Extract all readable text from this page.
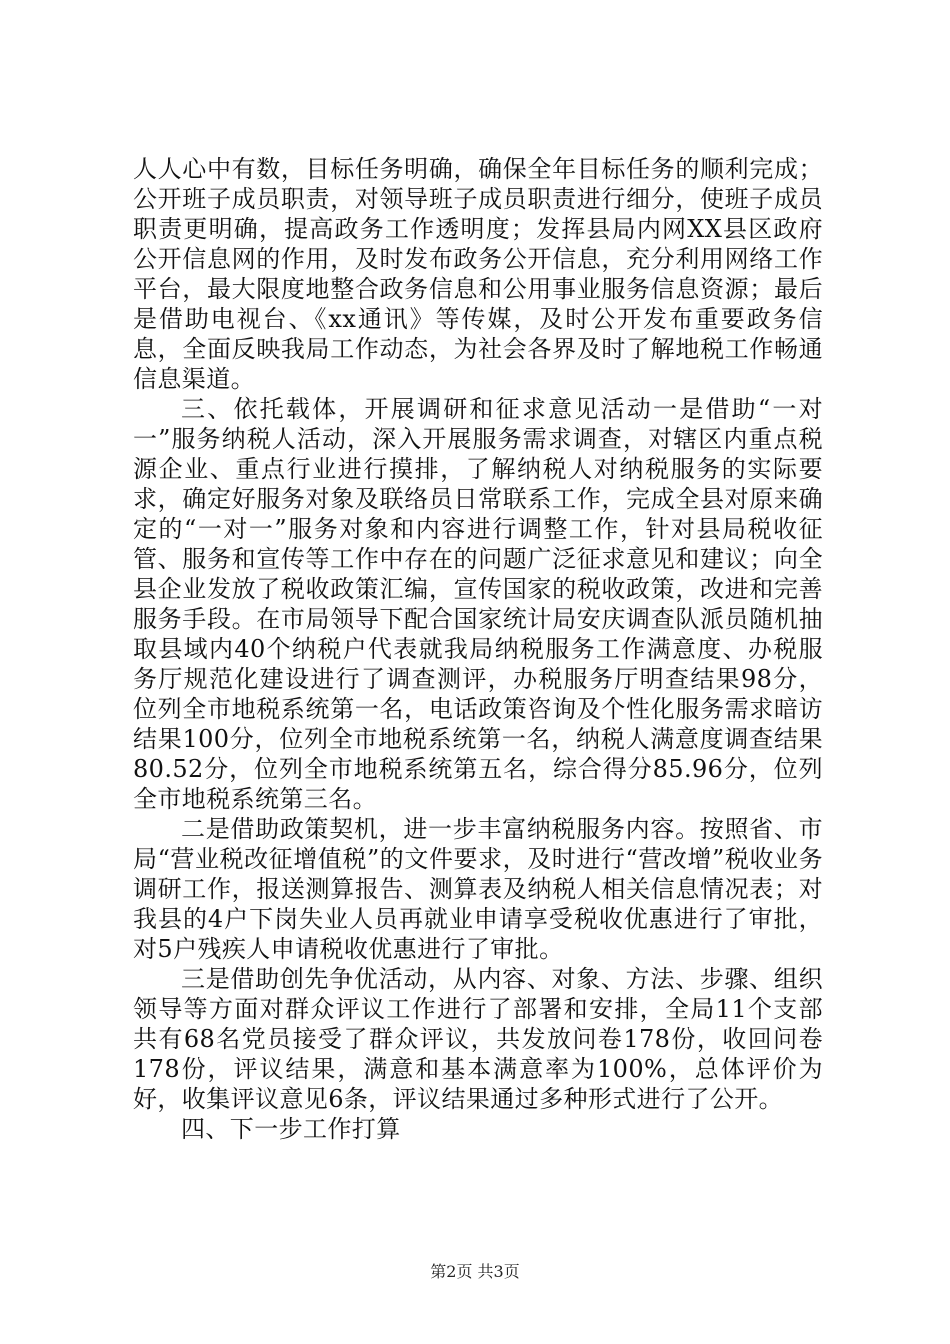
人人心中有数，目标任务明确，确保全年目标任务的顺利完成；公开班子成员职责，对领导班子成员职责进行细分，使班子成员职责更明确，提高政务工作透明度；发挥县局内网XX县区政府公开信息网的作用，及时发布政务公开信息，充分利用网络工作平台，最大限度地整合政务信息和公用事业服务信息资源；最后是借助电视台、《xx通讯》等传媒，及时公开发布重要政务信息，全面反映我局工作动态，为社会各界及时了解地税工作畅通信息渠道。

三、依托载体，开展调研和征求意见活动一是借助“一对一”服务纳税人活动，深入开展服务需求调查，对辖区内重点税源企业、重点行业进行摸排，了解纳税人对纳税服务的实际要求，确定好服务对象及联络员日常联系工作，完成全县对原来确定的“一对一”服务对象和内容进行调整工作，针对县局税收征管、服务和宣传等工作中存在的问题广泛征求意见和建议；向全县企业发放了税收政策汇编，宣传国家的税收政策，改进和完善服务手段。在市局领导下配合国家统计局安庆调查队派员随机抽取县域内40个纳税户代表就我局纳税服务工作满意度、办税服务厅规范化建设进行了调查测评，办税服务厅明查结果98分，位列全市地税系统第一名，电话政策咨询及个性化服务需求暗访结果100分，位列全市地税系统第一名，纳税人满意度调查结果80.52分，位列全市地税系统第五名，综合得分85.96分，位列全市地税系统第三名。

二是借助政策契机，进一步丰富纳税服务内容。按照省、市局“营业税改征增值税”的文件要求，及时进行“营改增”税收业务调研工作，报送测算报告、测算表及纳税人相关信息情况表；对我县的4户下岗失业人员再就业申请享受税收优惠进行了审批，对5户残疾人申请税收优惠进行了审批。

三是借助创先争优活动，从内容、对象、方法、步骤、组织领导等方面对群众评议工作进行了部署和安排，全局11个支部共有68名党员接受了群众评议，共发放问卷178份，收回问卷178份，评议结果，满意和基本满意率为100%，总体评价为好，收集评议意见6条，评议结果通过多种形式进行了公开。

四、下一步工作打算

第2页 共3页
